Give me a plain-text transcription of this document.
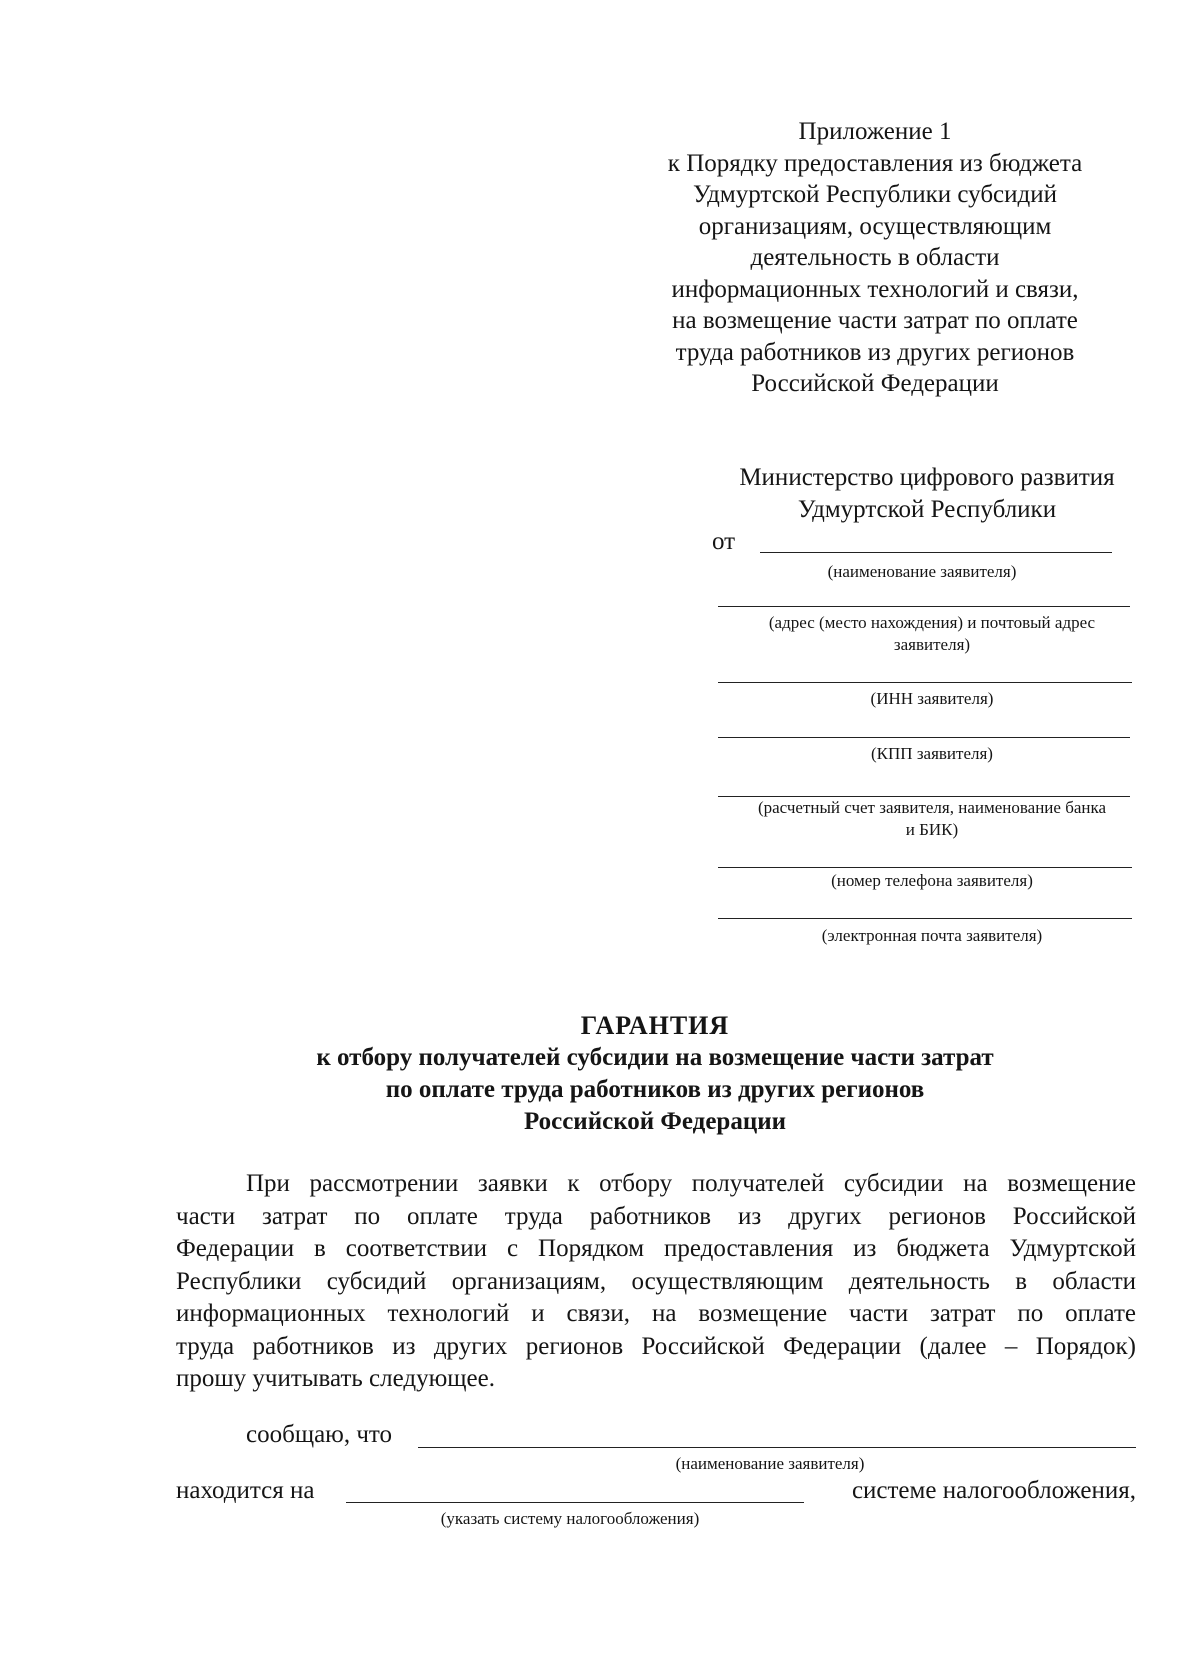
Приложение 1
к Порядку предоставления из бюджета
Удмуртской Республики субсидий
организациям, осуществляющим
деятельность в области
информационных технологий и связи,
на возмещение части затрат по оплате
труда работников из других регионов
Российской Федерации
Министерство цифрового развития
Удмуртской Республики
от
(наименование заявителя)
(адрес (место нахождения) и почтовый адрес
заявителя)
(ИНН заявителя)
(КПП заявителя)
(расчетный счет заявителя, наименование банка
и БИК)
(номер телефона заявителя)
(электронная почта заявителя)
ГАРАНТИЯ
к отбору получателей субсидии на возмещение части затрат
по оплате труда работников из других регионов
Российской Федерации
При рассмотрении заявки к отбору получателей субсидии на возмещение
части затрат по оплате труда работников из других регионов Российской
Федерации в соответствии с Порядком предоставления из бюджета Удмуртской
Республики субсидий организациям, осуществляющим деятельность в области
информационных технологий и связи, на возмещение части затрат по оплате
труда работников из других регионов Российской Федерации (далее – Порядок)
прошу учитывать следующее.
сообщаю, что
(наименование заявителя)
находится на	системе налогообложения,
(указать систему налогообложения)
